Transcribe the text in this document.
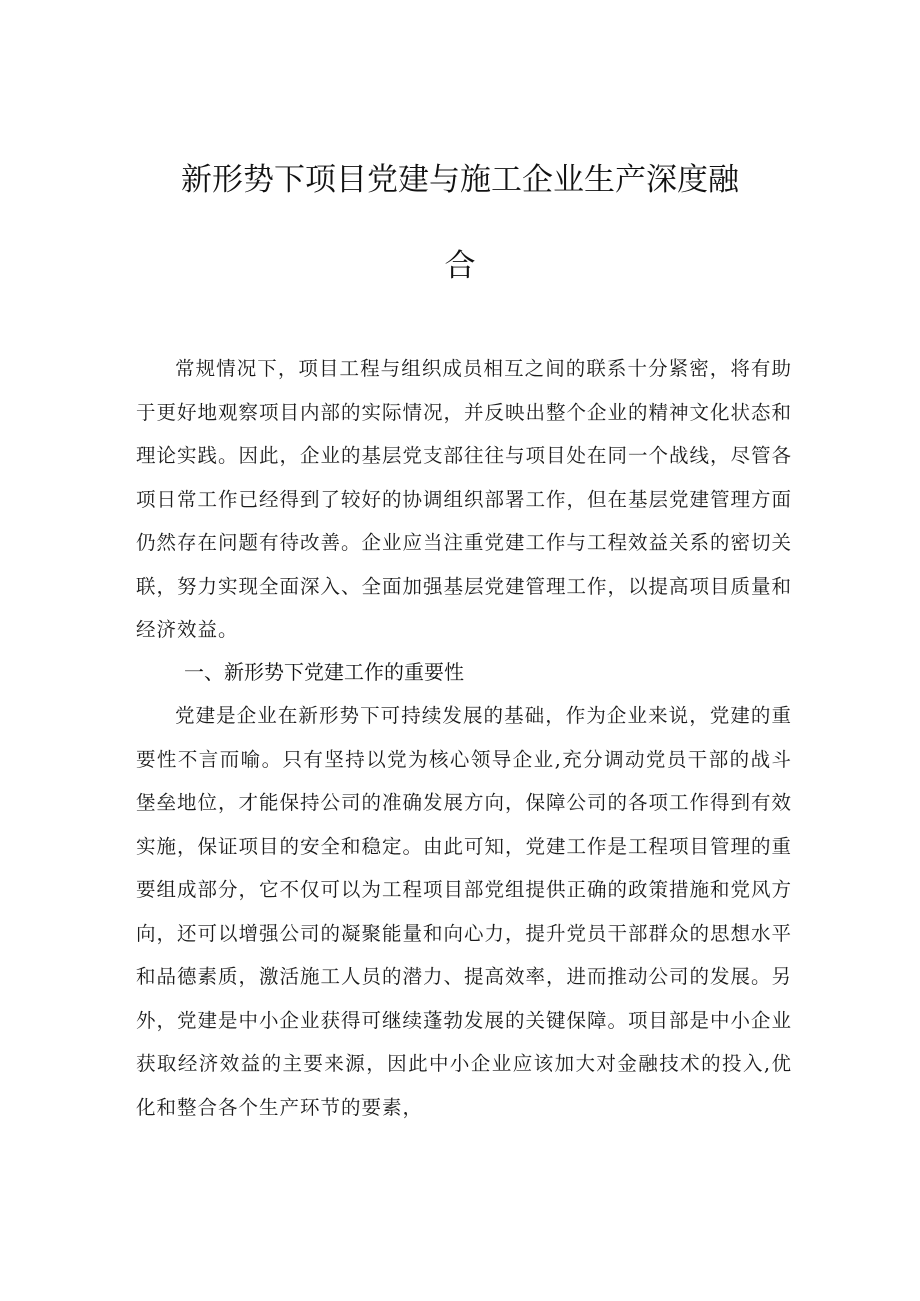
新形势下项目党建与施工企业生产深度融
合

常规情况下，项目工程与组织成员相互之间的联系十分紧密，将有助于更好地观察项目内部的实际情况，并反映出整个企业的精神文化状态和理论实践。因此，企业的基层党支部往往与项目处在同一个战线，尽管各项日常工作已经得到了较好的协调组织部署工作，但在基层党建管理方面仍然存在问题有待改善。企业应当注重党建工作与工程效益关系的密切关联，努力实现全面深入、全面加强基层党建管理工作，以提高项目质量和经济效益。

一、新形势下党建工作的重要性

党建是企业在新形势下可持续发展的基础，作为企业来说，党建的重要性不言而喻。只有坚持以党为核心领导企业,充分调动党员干部的战斗堡垒地位，才能保持公司的准确发展方向，保障公司的各项工作得到有效实施，保证项目的安全和稳定。由此可知，党建工作是工程项目管理的重要组成部分，它不仅可以为工程项目部党组提供正确的政策措施和党风方向，还可以增强公司的凝聚能量和向心力，提升党员干部群众的思想水平和品德素质，激活施工人员的潜力、提高效率，进而推动公司的发展。另外，党建是中小企业获得可继续蓬勃发展的关键保障。项目部是中小企业获取经济效益的主要来源，因此中小企业应该加大对金融技术的投入,优化和整合各个生产环节的要素，
